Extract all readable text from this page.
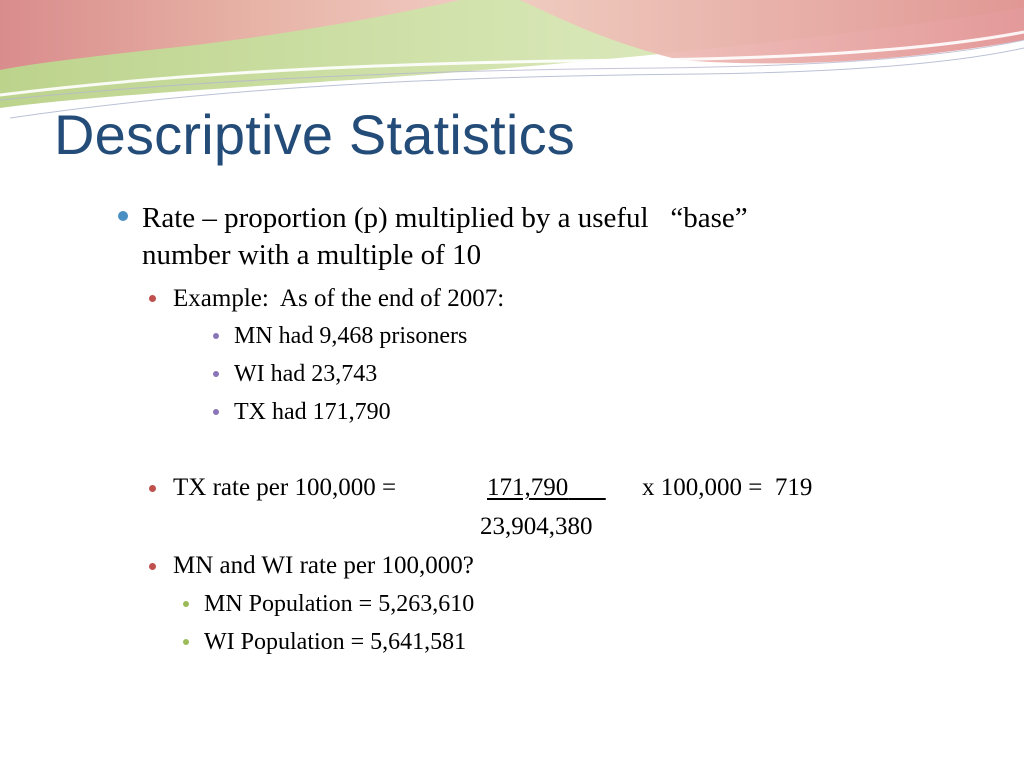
Descriptive Statistics
Rate – proportion (p) multiplied by a useful   “base”
number with a multiple of 10
Example:  As of the end of 2007:
MN had 9,468 prisoners
WI had 23,743
TX had 171,790
TX rate per 100,000 =	171,790	x 100,000 =  719
23,904,380
MN and WI rate per 100,000?
MN Population = 5,263,610
WI Population = 5,641,581
